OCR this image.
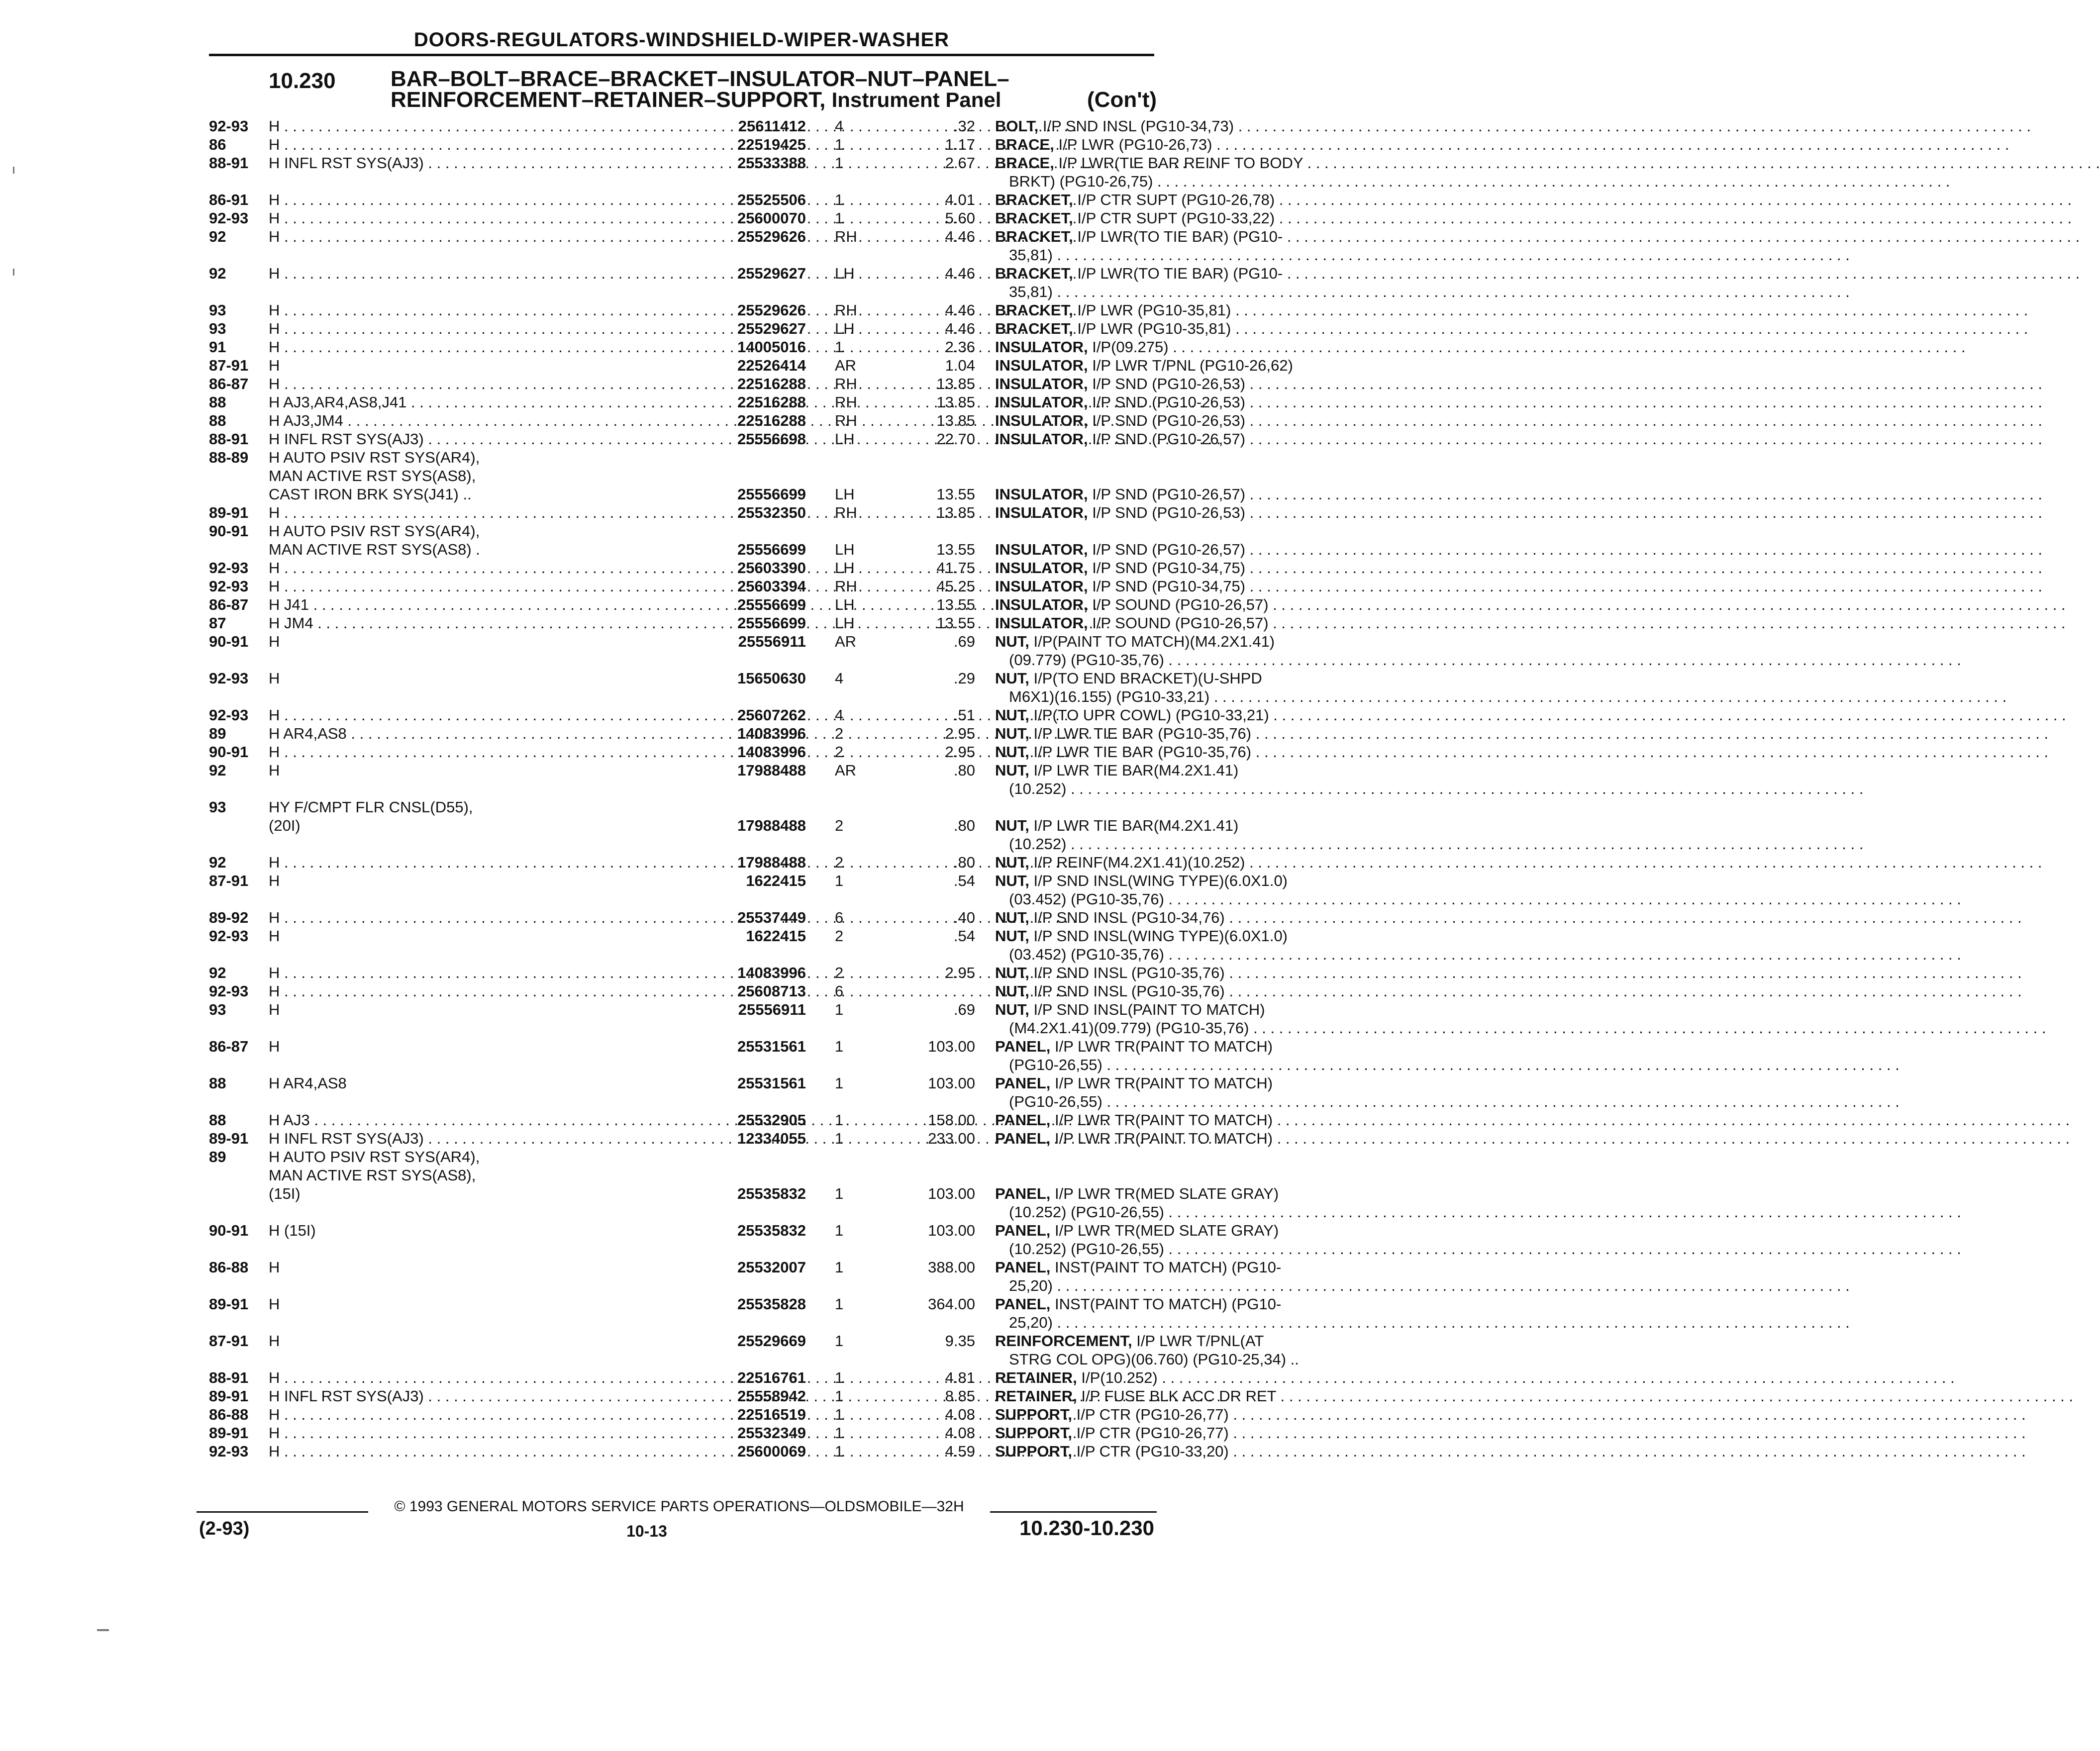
DOORS-REGULATORS-WINDSHIELD-WIPER-WASHER
10.230	BAR–BOLT–BRACE–BRACKET–INSULATOR–NUT–PANEL–
REINFORCEMENT–RETAINER–SUPPORT, Instrument Panel	(Con't)
92-93	H . . .	25611412 4	.32 BOLT, I/P SND INSL (PG10-34,73) . . .
86	H . . .	22519425 1	1.17 BRACE, I/P LWR (PG10-26,73) . . .
88-91	H INFL RST SYS(AJ3) . . .	25533388 1	2.67 BRACE, I/P LWR(TIE BAR REINF TO BODY . . .
BRKT) (PG10-26,75) . . .
86-91	H . . .	25525506 1	4.01 BRACKET, I/P CTR SUPT (PG10-26,78) . . .
92-93	H . . .	25600070 1	5.60 BRACKET, I/P CTR SUPT (PG10-33,22) . . .
92	H . . .	25529626 RH	4.46 BRACKET, I/P LWR(TO TIE BAR) (PG10- . . .
35,81) . . .
92	H . . .	25529627 LH	4.46 BRACKET, I/P LWR(TO TIE BAR) (PG10- . . .
35,81) . . .
93	H . . .	25529626 RH	4.46 BRACKET, I/P LWR (PG10-35,81) . . .
93	H . . .	25529627 LH	4.46 BRACKET, I/P LWR (PG10-35,81) . . .
91	H . . .	14005016 1	2.36 INSULATOR, I/P(09.275) . . .
87-91	H	22526414 AR	1.04 INSULATOR, I/P LWR T/PNL (PG10-26,62)
86-87	H . . .	22516288 RH	13.85 INSULATOR, I/P SND (PG10-26,53) . . .
88	H AJ3,AR4,AS8,J41 . . .	22516288 RH	13.85 INSULATOR, I/P SND (PG10-26,53) . . .
88	H AJ3,JM4 . . .	22516288 RH	13.85 INSULATOR, I/P SND (PG10-26,53) . . .
88-91	H INFL RST SYS(AJ3) . . .	25556698 LH	22.70 INSULATOR, I/P SND (PG10-26,57) . . .
88-89	H AUTO PSIV RST SYS(AR4),
MAN ACTIVE RST SYS(AS8),
CAST IRON BRK SYS(J41) ..	25556699 LH	13.55 INSULATOR, I/P SND (PG10-26,57) . . .
89-91	H . . .	25532350 RH	13.85 INSULATOR, I/P SND (PG10-26,53) . . .
90-91	H AUTO PSIV RST SYS(AR4),
MAN ACTIVE RST SYS(AS8) .	25556699 LH	13.55 INSULATOR, I/P SND (PG10-26,57) . . .
92-93	H . . .	25603390 LH	41.75 INSULATOR, I/P SND (PG10-34,75) . . .
92-93	H . . .	25603394 RH	45.25 INSULATOR, I/P SND (PG10-34,75) . . .
86-87	H J41 . . .	25556699 LH	13.55 INSULATOR, I/P SOUND (PG10-26,57) . . .
87	H JM4 . . .	25556699 LH	13.55 INSULATOR, I/P SOUND (PG10-26,57) . . .
90-91	H	25556911 AR	.69 NUT, I/P(PAINT TO MATCH)(M4.2X1.41)
(09.779) (PG10-35,76) . . .
92-93	H	15650630 4	.29 NUT, I/P(TO END BRACKET)(U-SHPD
M6X1)(16.155) (PG10-33,21) . . .
92-93	H . . .	25607262 4	.51 NUT, I/P(TO UPR COWL) (PG10-33,21) . . .
89	H AR4,AS8 . . .	14083996 2	2.95 NUT, I/P LWR TIE BAR (PG10-35,76) . . .
90-91	H . . .	14083996 2	2.95 NUT, I/P LWR TIE BAR (PG10-35,76) . . .
92	H	17988488 AR	.80 NUT, I/P LWR TIE BAR(M4.2X1.41)
(10.252) . . .
93	HY F/CMPT FLR CNSL(D55),
(20I)	17988488 2	.80 NUT, I/P LWR TIE BAR(M4.2X1.41)
(10.252) . . .
92	H . . .	17988488 2	.80 NUT, I/P REINF(M4.2X1.41)(10.252) . . .
87-91	H	1622415 1	.54 NUT, I/P SND INSL(WING TYPE)(6.0X1.0)
(03.452) (PG10-35,76) . . .
89-92	H . . .	25537449 6	.40 NUT, I/P SND INSL (PG10-34,76) . . .
92-93	H	1622415 2	.54 NUT, I/P SND INSL(WING TYPE)(6.0X1.0)
(03.452) (PG10-35,76) . . .
92	H . . .	14083996 2	2.95 NUT, I/P SND INSL (PG10-35,76) . . .
92-93	H . . .	25608713 6	NUT, I/P SND INSL (PG10-35,76) . . .
93	H	25556911 1	.69 NUT, I/P SND INSL(PAINT TO MATCH)
(M4.2X1.41)(09.779) (PG10-35,76) . . .
86-87	H	25531561 1	103.00 PANEL, I/P LWR TR(PAINT TO MATCH)
(PG10-26,55) . . .
88	H AR4,AS8	25531561 1	103.00 PANEL, I/P LWR TR(PAINT TO MATCH)
(PG10-26,55) . . .
88	H AJ3 . . .	25532905 1	158.00 PANEL, I/P LWR TR(PAINT TO MATCH) . . .
89-91	H INFL RST SYS(AJ3) . . .	12334055 1	233.00 PANEL, I/P LWR TR(PAINT TO MATCH) . . .
89	H AUTO PSIV RST SYS(AR4),
MAN ACTIVE RST SYS(AS8),
(15I)	25535832 1	103.00 PANEL, I/P LWR TR(MED SLATE GRAY)
(10.252) (PG10-26,55) . . .
90-91	H (15I)	25535832 1	103.00 PANEL, I/P LWR TR(MED SLATE GRAY)
(10.252) (PG10-26,55) . . .
86-88	H	25532007 1	388.00 PANEL, INST(PAINT TO MATCH) (PG10-
25,20) . . .
89-91	H	25535828 1	364.00 PANEL, INST(PAINT TO MATCH) (PG10-
25,20) . . .
87-91	H	25529669 1	9.35 REINFORCEMENT, I/P LWR T/PNL(AT
STRG COL OPG)(06.760) (PG10-25,34) ..
88-91	H . . .	22516761 1	4.81 RETAINER, I/P(10.252) . . .
89-91	H INFL RST SYS(AJ3) . . .	25558942 1	8.85 RETAINER, I/P FUSE BLK ACC DR RET . . .
86-88	H . . .	22516519 1	4.08 SUPPORT, I/P CTR (PG10-26,77) . . .
89-91	H . . .	25532349 1	4.08 SUPPORT, I/P CTR (PG10-26,77) . . .
92-93	H . . .	25600069 1	4.59 SUPPORT, I/P CTR (PG10-33,20) . . .
© 1993 GENERAL MOTORS SERVICE PARTS OPERATIONS—OLDSMOBILE—32H
(2-93)	10-13	10.230-10.230
